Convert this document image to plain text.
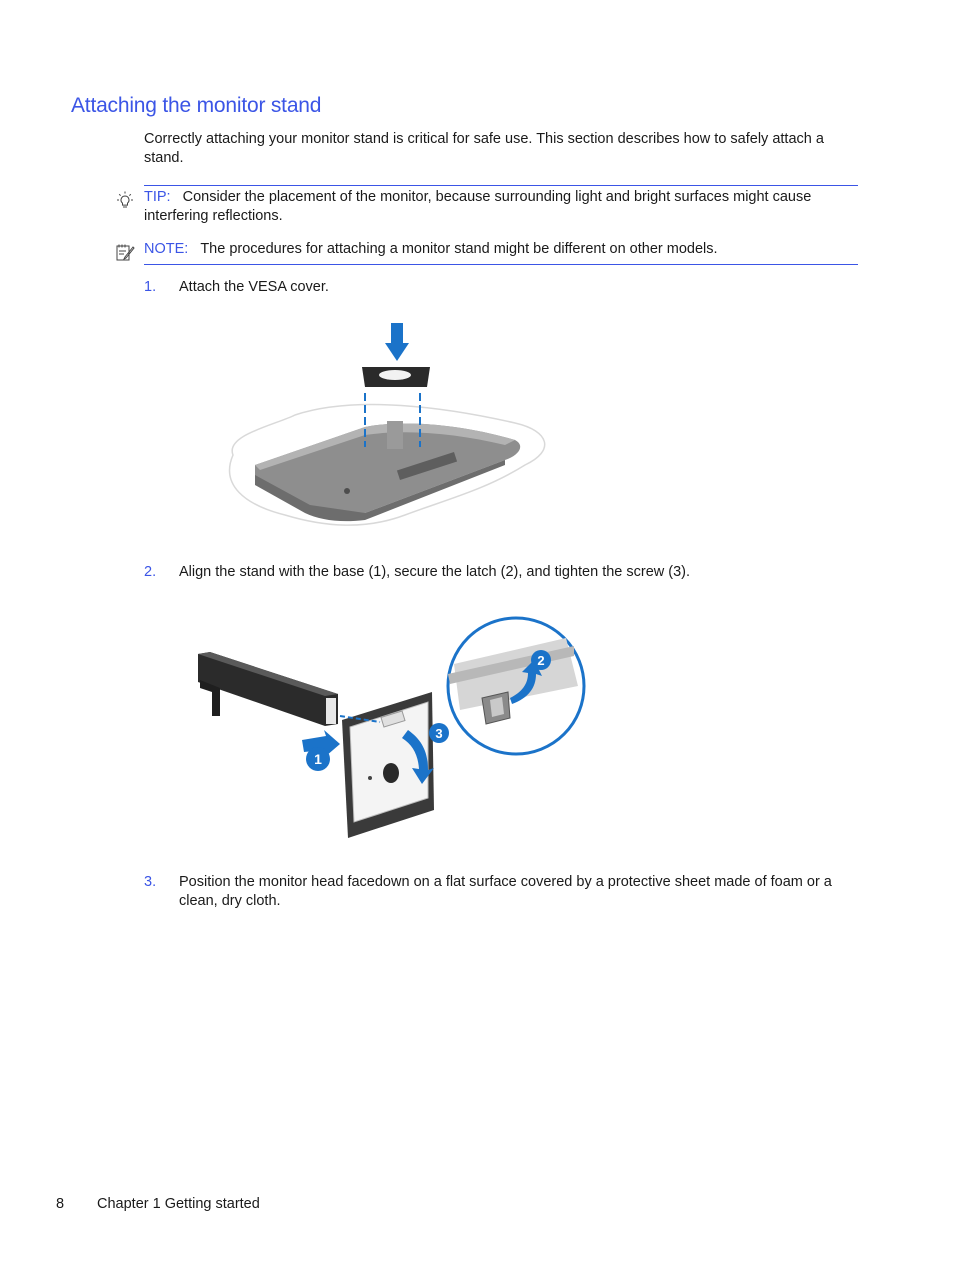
Attaching the monitor stand

Correctly attaching your monitor stand is critical for safe use. This section describes how to safely attach a stand.

TIP: Consider the placement of the monitor, because surrounding light and bright surfaces might cause interfering reflections.
NOTE: The procedures for attaching a monitor stand might be different on other models.
1. Attach the VESA cover.
2. Align the stand with the base (1), secure the latch (2), and tighten the screw (3).
1
3
2
3. Position the monitor head facedown on a flat surface covered by a protective sheet made of foam or a clean, dry cloth.
8 Chapter 1 Getting started
